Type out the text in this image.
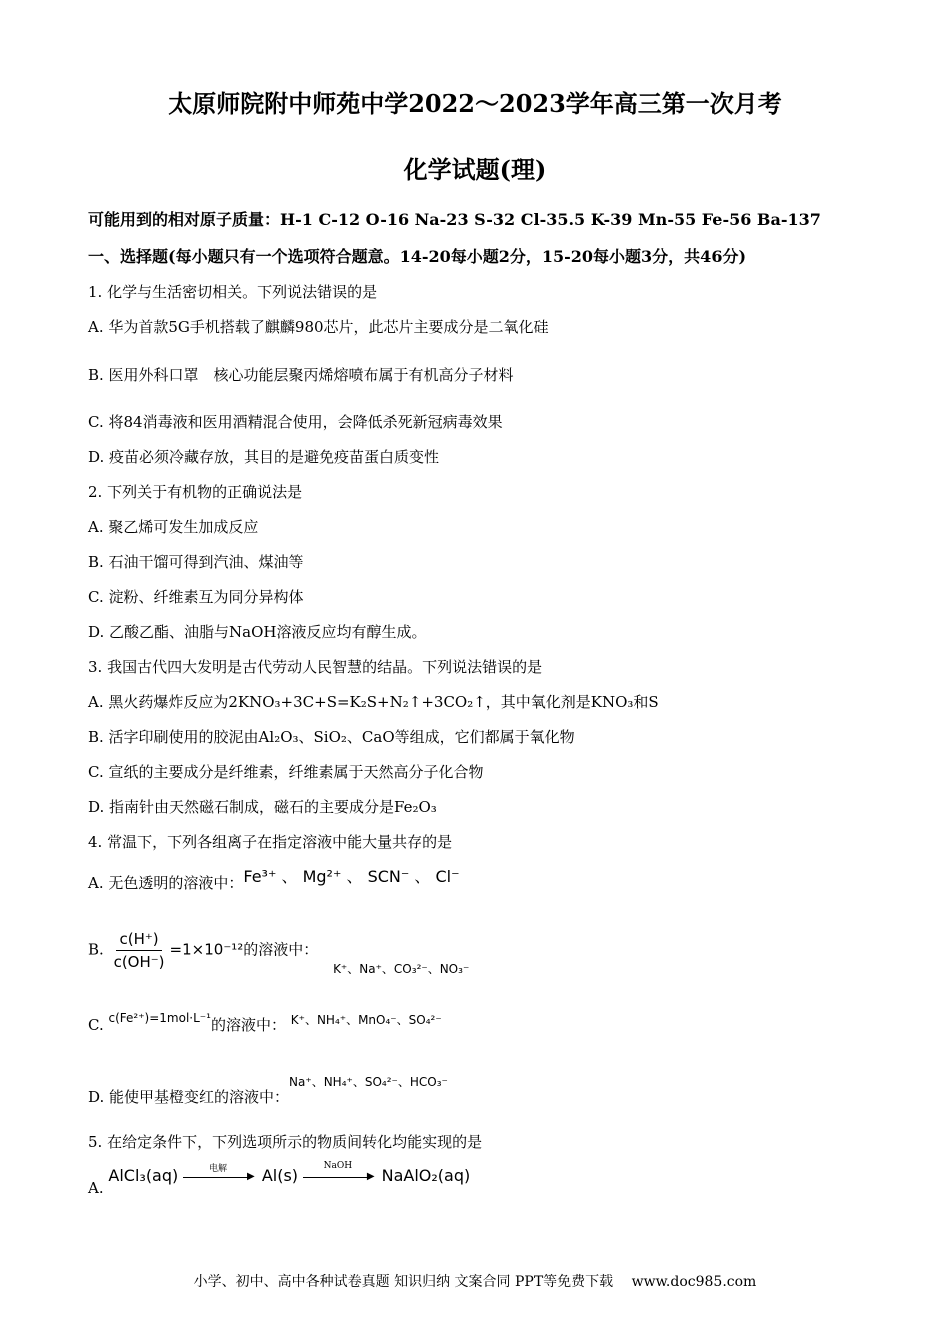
太原师院附中师苑中学2022～2023学年高三第一次月考
化学试题(理)
可能用到的相对原子质量：H-1 C-12 O-16 Na-23 S-32 Cl-35.5 K-39 Mn-55 Fe-56 Ba-137
一、选择题(每小题只有一个选项符合题意。14-20每小题2分，15-20每小题3分，共46分)
1. 化学与生活密切相关。下列说法错误的是
A. 华为首款5G手机搭载了麒麟980芯片，此芯片主要成分是二氧化硅
B. 医用外科口罩　核心功能层聚丙烯熔喷布属于有机高分子材料
C. 将84消毒液和医用酒精混合使用，会降低杀死新冠病毒效果
D. 疫苗必须冷藏存放，其目的是避免疫苗蛋白质变性
2. 下列关于有机物的正确说法是
A. 聚乙烯可发生加成反应
B. 石油干馏可得到汽油、煤油等
C. 淀粉、纤维素互为同分异构体
D. 乙酸乙酯、油脂与NaOH溶液反应均有醇生成。
3. 我国古代四大发明是古代劳动人民智慧的结晶。下列说法错误的是
A. 黑火药爆炸反应为2KNO₃+3C+S=K₂S+N₂↑+3CO₂↑，其中氧化剂是KNO₃和S
B. 活字印刷使用的胶泥由Al₂O₃、SiO₂、CaO等组成，它们都属于氧化物
C. 宣纸的主要成分是纤维素，纤维素属于天然高分子化合物
D. 指南针由天然磁石制成，磁石的主要成分是Fe₂O₃
4. 常温下，下列各组离子在指定溶液中能大量共存的是
A. 无色透明的溶液中：Fe³⁺ 、 Mg²⁺ 、 SCN⁻ 、 Cl⁻
B. $\frac{c(H^+)}{c(OH^-)} =1\times 10^{-12}$的溶液中： $_{K^+、Na^+、CO_3^{2-}、NO_3^-}$
C. $^{c(Fe^{2+})=1mol\cdot L^{-1}}$的溶液中： $^{K^+、NH_4^+、MnO_4^-、SO_4^{2-}}$
D. 能使甲基橙变红的溶液中：Na⁺、NH₄⁺、SO₄²⁻、HCO₃⁻
5. 在给定条件下，下列选项所示的物质间转化均能实现的是
A. AlCl₃(aq)	电解
▶ Al(s)	NaOH
▶ NaAlO₂(aq)
小学、初中、高中各种试卷真题 知识归纳 文案合同 PPT等免费下载　 www.doc985.com
